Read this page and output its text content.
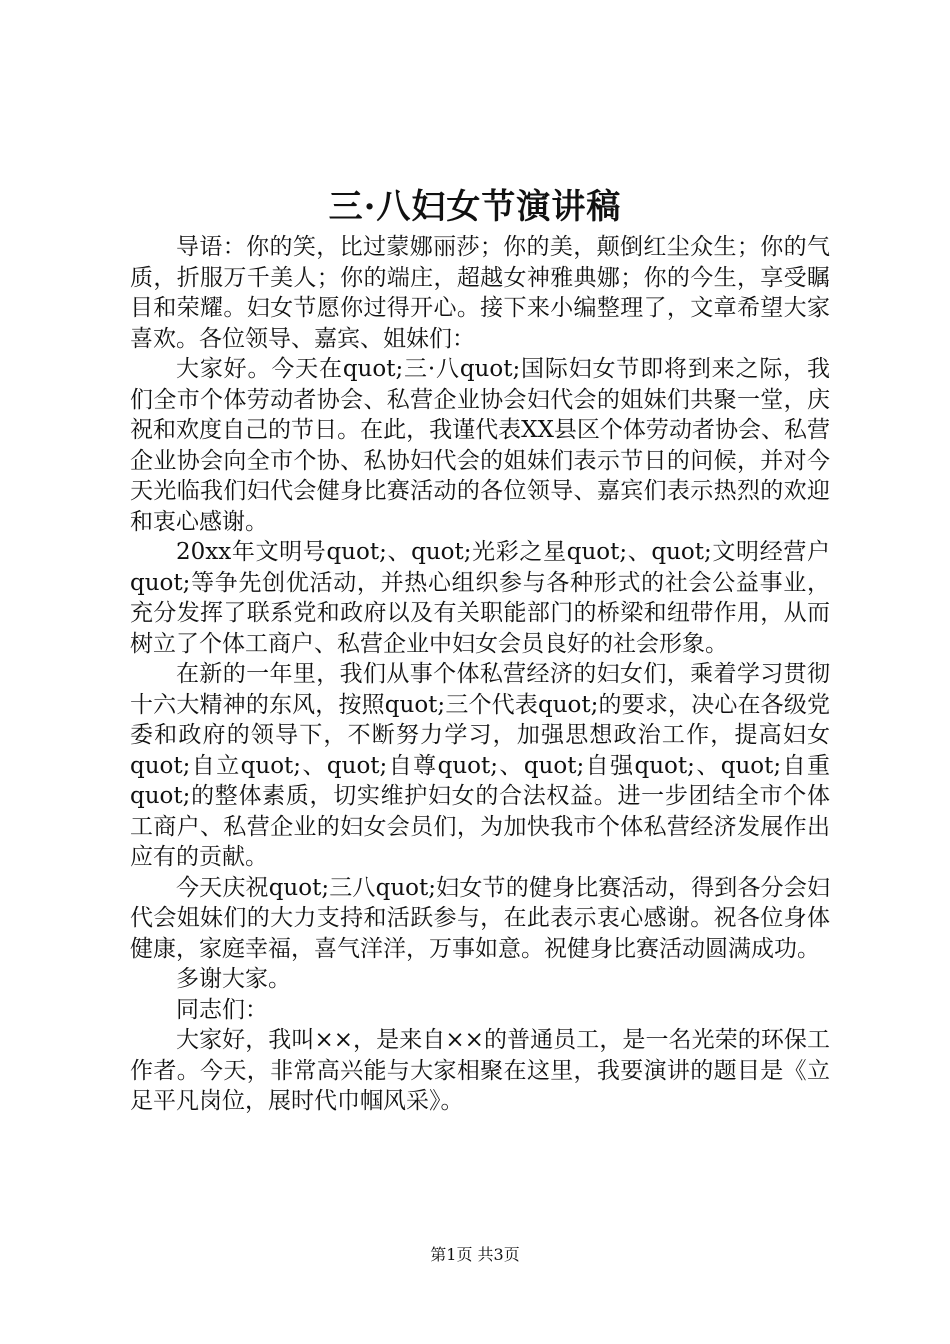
三·八妇女节演讲稿

导语：你的笑，比过蒙娜丽莎；你的美，颠倒红尘众生；你的气质，折服万千美人；你的端庄，超越女神雅典娜；你的今生，享受瞩目和荣耀。妇女节愿你过得开心。接下来小编整理了，文章希望大家喜欢。各位领导、嘉宾、姐妹们：

大家好。今天在quot;三·八quot;国际妇女节即将到来之际，我们全市个体劳动者协会、私营企业协会妇代会的姐妹们共聚一堂，庆祝和欢度自己的节日。在此，我谨代表XX县区个体劳动者协会、私营企业协会向全市个协、私协妇代会的姐妹们表示节日的问候，并对今天光临我们妇代会健身比赛活动的各位领导、嘉宾们表示热烈的欢迎和衷心感谢。

20xx年文明号quot;、quot;光彩之星quot;、quot;文明经营户quot;等争先创优活动，并热心组织参与各种形式的社会公益事业，充分发挥了联系党和政府以及有关职能部门的桥梁和纽带作用，从而树立了个体工商户、私营企业中妇女会员良好的社会形象。

在新的一年里，我们从事个体私营经济的妇女们，乘着学习贯彻十六大精神的东风，按照quot;三个代表quot;的要求，决心在各级党委和政府的领导下，不断努力学习，加强思想政治工作，提高妇女quot;自立quot;、quot;自尊quot;、quot;自强quot;、quot;自重quot;的整体素质，切实维护妇女的合法权益。进一步团结全市个体工商户、私营企业的妇女会员们，为加快我市个体私营经济发展作出应有的贡献。

今天庆祝quot;三八quot;妇女节的健身比赛活动，得到各分会妇代会姐妹们的大力支持和活跃参与，在此表示衷心感谢。祝各位身体健康，家庭幸福，喜气洋洋，万事如意。祝健身比赛活动圆满成功。

多谢大家。

同志们：

大家好，我叫××，是来自××的普通员工，是一名光荣的环保工作者。今天，非常高兴能与大家相聚在这里，我要演讲的题目是《立足平凡岗位，展时代巾帼风采》。

第1页 共3页
